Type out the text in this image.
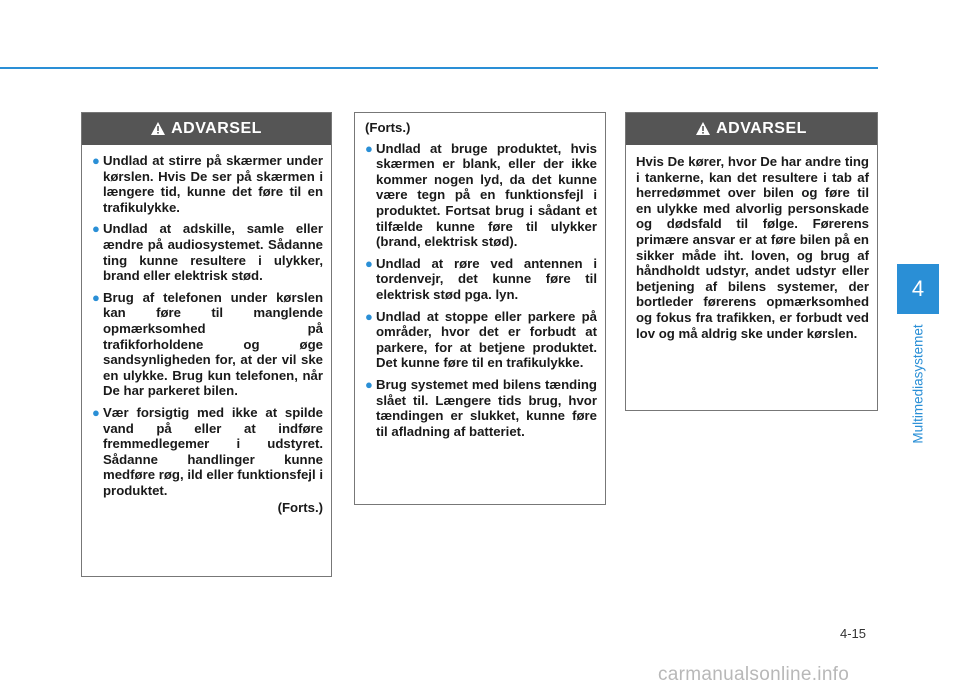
ADVARSEL
● Undlad at stirre på skærmer under kørslen. Hvis De ser på skærmen i længere tid, kunne det føre til en trafikulykke.
● Undlad at adskille, samle eller ændre på audiosystemet. Sådanne ting kunne resultere i ulykker, brand eller elektrisk stød.
● Brug af telefonen under kørslen kan føre til manglende opmærksomhed på trafikforholdene og øge sandsynligheden for, at der vil ske en ulykke. Brug kun telefonen, når De har parkeret bilen.
● Vær forsigtig med ikke at spilde vand på eller at indføre fremmedlegemer i udstyret. Sådanne handlinger kunne medføre røg, ild eller funktionsfejl i produktet.
(Forts.)
(Forts.)
● Undlad at bruge produktet, hvis skærmen er blank, eller der ikke kommer nogen lyd, da det kunne være tegn på en funktionsfejl i produktet. Fortsat brug i sådant et tilfælde kunne føre til ulykker (brand, elektrisk stød).
● Undlad at røre ved antennen i tordenvejr, det kunne føre til elektrisk stød pga. lyn.
● Undlad at stoppe eller parkere på områder, hvor det er forbudt at parkere, for at betjene produktet. Det kunne føre til en trafikulykke.
● Brug systemet med bilens tænding slået til. Længere tids brug, hvor tændingen er slukket, kunne føre til afladning af batteriet.
ADVARSEL
Hvis De kører, hvor De har andre ting i tankerne, kan det resultere i tab af herredømmet over bilen og føre til en ulykke med alvorlig personskade og dødsfald til følge. Førerens primære ansvar er at føre bilen på en sikker måde iht. loven, og brug af håndholdt udstyr, andet udstyr eller betjening af bilens systemer, der bortleder førerens opmærksomhed og fokus fra trafikken, er forbudt ved lov og må aldrig ske under kørslen.
4
Multimediasystemet
4-15
carmanualsonline.info
